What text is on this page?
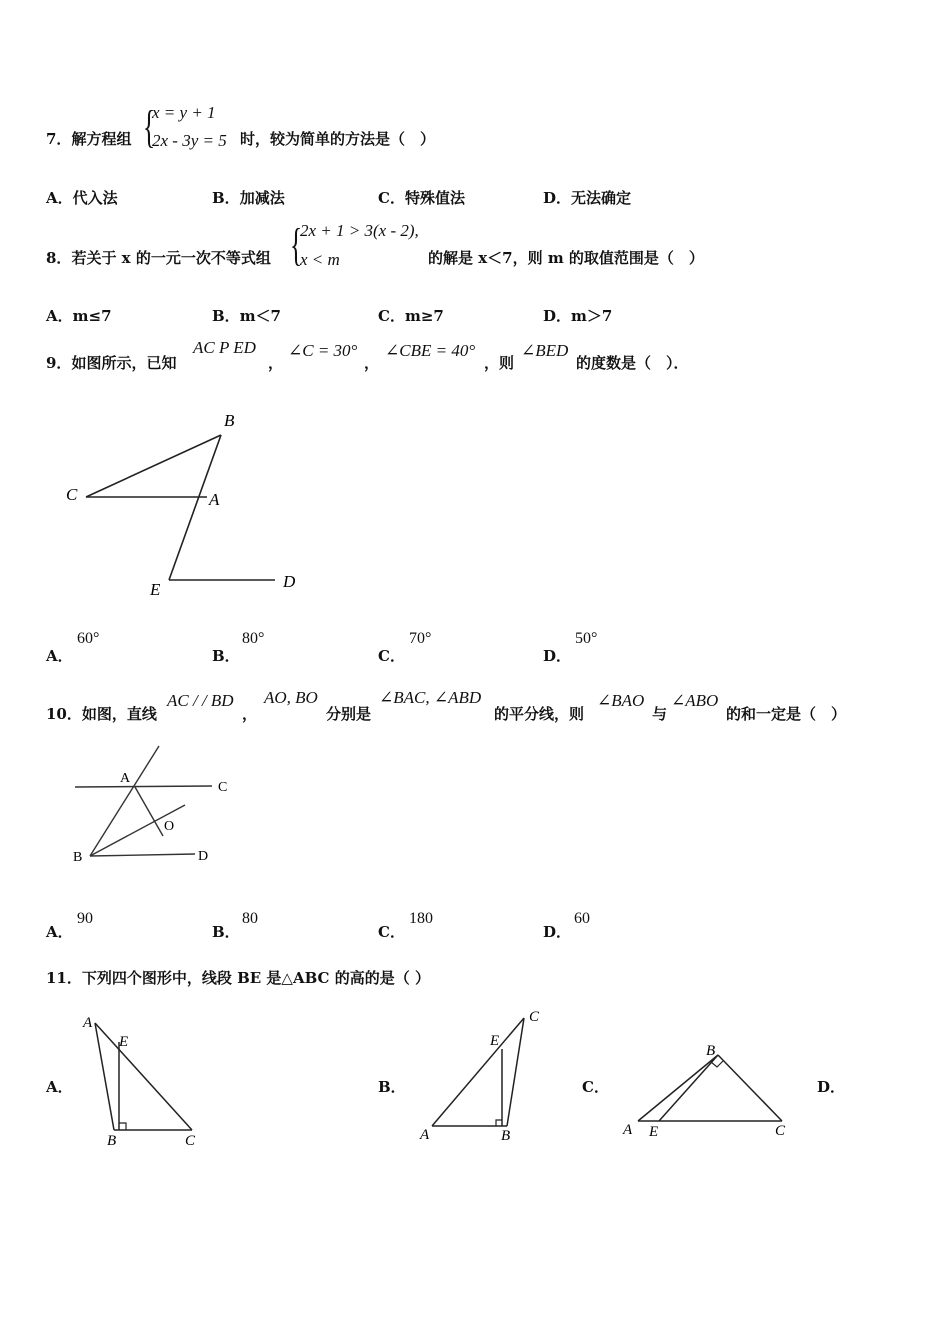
7．解方程组 {
x = y + 1
2x - 3y = 5 时，较为简单的方法是（　）
A．代入法	B．加减法	C．特殊值法	D．无法确定
8．若关于 x 的一元一次不等式组 {
2x + 1 > 3(x - 2),
x < m	的解是 x＜7，则 m 的取值范围是（　）
A．m≤7	B．m＜7	C．m≥7	D．m＞7
9．如图所示，已知
AC P ED
，
∠C = 30°
，
∠CBE = 40°
，则
∠BED
的度数是（　）．
B
C	A
E	D
A．
60°
B．
80°
C．
70°
D．
50°
10．如图，直线
AC / / BD
，
AO, BO
分别是
∠BAC, ∠ABD
的平分线，则
∠BAO
与
∠ABO
的和一定是（　）
A
C
O
B	D
A．
90
B．
80
C．
180
D．
60
11．下列四个图形中，线段 BE 是△ABC 的高的是（ ）
A．
A
E
B	C
B．
C
E
A	B
C．
B
A E	C
D．
